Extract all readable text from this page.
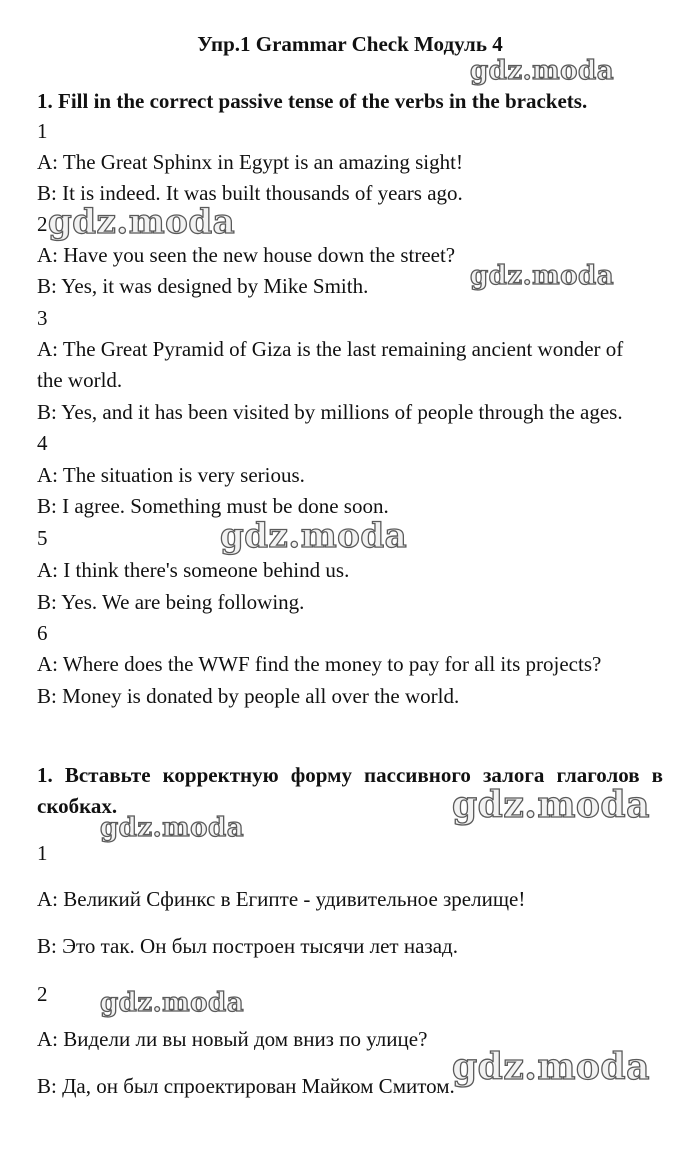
Упр.1 Grammar Check Модуль 4
1. Fill in the correct passive tense of the verbs in the brackets.
1
A: The Great Sphinx in Egypt is an amazing sight!
B: It is indeed. It was built thousands of years ago.
2
A: Have you seen the new house down the street?
B: Yes, it was designed by Mike Smith.
3
A: The Great Pyramid of Giza is the last remaining ancient wonder of the world.
B: Yes, and it has been visited by millions of people through the ages.
4
A: The situation is very serious.
B: I agree. Something must be done soon.
5
A: I think there's someone behind us.
B: Yes. We are being following.
6
A: Where does the WWF find the money to pay for all its projects?
B: Money is donated by people all over the world.
1. Вставьте корректную форму пассивного залога глаголов в скобках.
1
A: Великий Сфинкс в Египте - удивительное зрелище!
B: Это так. Он был построен тысячи лет назад.
2
A: Видели ли вы новый дом вниз по улице?
B: Да, он был спроектирован Майком Смитом.
gdz.moda
gdz.moda
gdz.moda
gdz.moda
gdz.moda
gdz.moda
gdz.moda
gdz.moda
